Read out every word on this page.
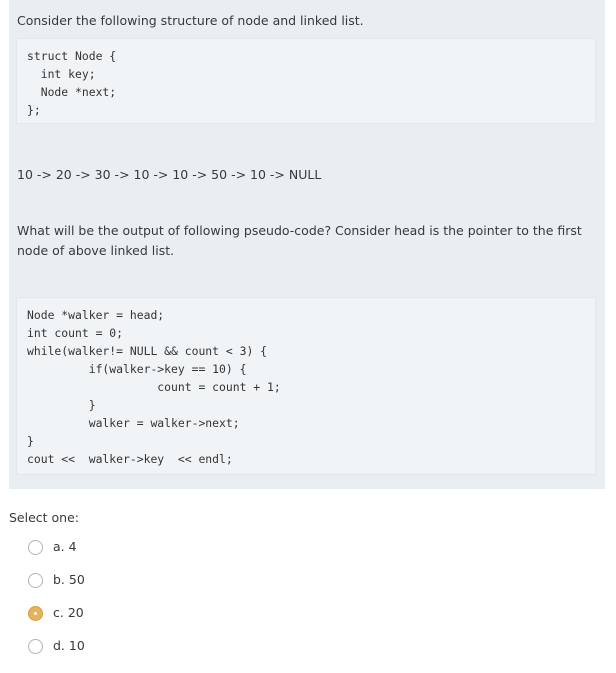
Consider the following structure of node and linked list.
struct Node {
int key;
Node *next;
};
10 -> 20 -> 30 -> 10 -> 10 -> 50 -> 10 -> NULL
What will be the output of following pseudo-code? Consider head is the pointer to the first node of above linked list.
Node *walker = head;
int count = 0;
while(walker!= NULL && count < 3) {
if(walker->key == 10) {
count = count + 1;
}
walker = walker->next;
}
cout <<  walker->key  << endl;
Select one:
a. 4
b. 50
c. 20
d. 10
